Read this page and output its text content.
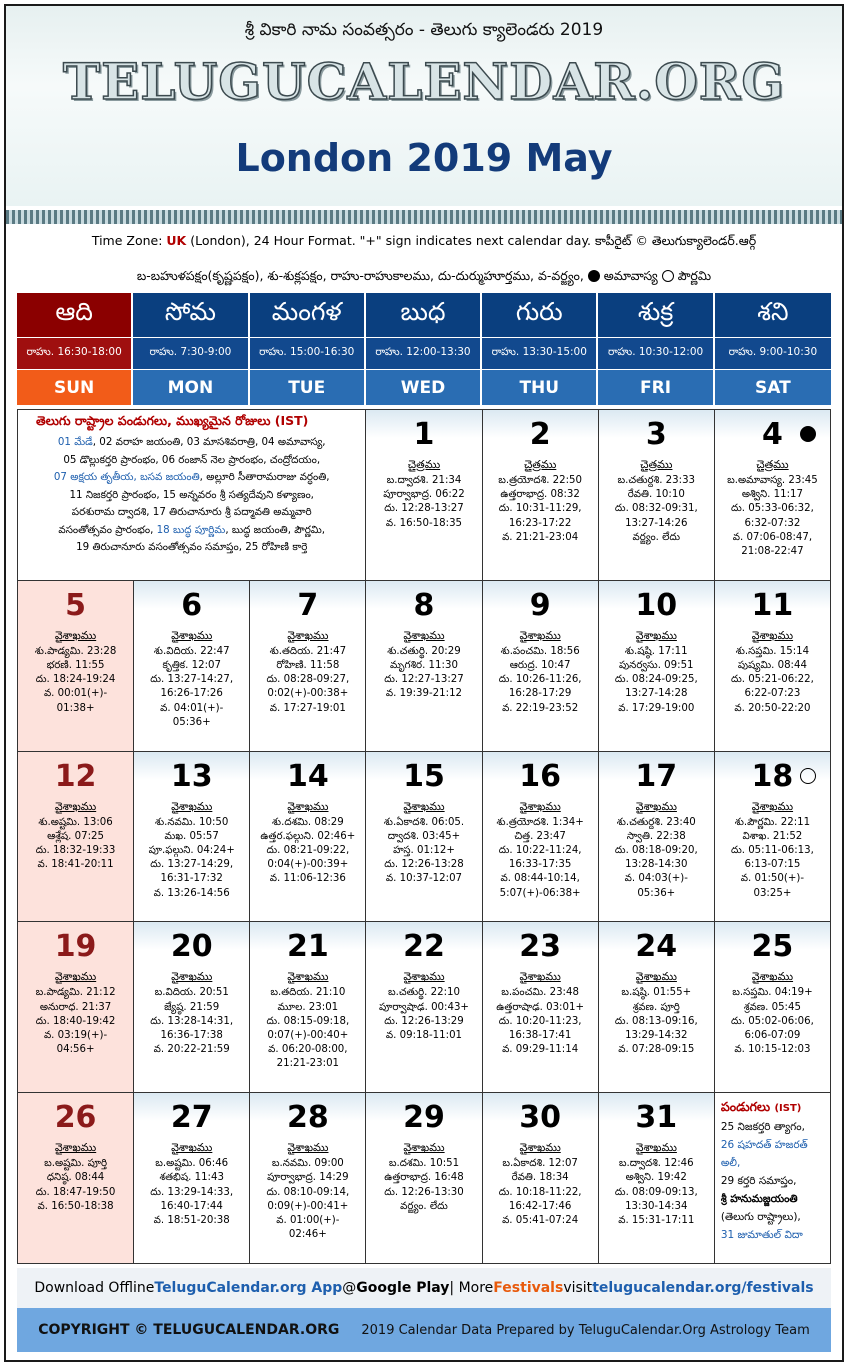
శ్రీ వికారి నామ సంవత్సరం - తెలుగు క్యాలెండరు 2019
TELUGUCALENDAR.ORG
London 2019 May
Time Zone: UK (London), 24 Hour Format. "+" sign indicates next calendar day. కాపీరైట్ © తెలుగుక్యాలెండర్.ఆర్గ్
బ-బహుళపక్షం(కృష్ణపక్షం), శు-శుక్లపక్షం, రాహు-రాహుకాలము, దు-దుర్ముహూర్తము, వ-వర్జ్యం, అమావాస్య పౌర్ణమి
ఆది
రాహు. 16:30-18:00
SUN
సోమ
రాహు. 7:30-9:00
MON
మంగళ
రాహు. 15:00-16:30
TUE
బుధ
రాహు. 12:00-13:30
WED
గురు
రాహు. 13:30-15:00
THU
శుక్ర
రాహు. 10:30-12:00
FRI
శని
రాహు. 9:00-10:30
SAT
తెలుగు రాష్ట్రాల పండుగలు, ముఖ్యమైన రోజులు (IST)
01 మేడే, 02 వరాహ జయంతి, 03 మాసశివరాత్రి, 04 అమావాస్య,
05 డొల్లుకర్తరి ప్రారంభం, 06 రంజాన్ నెల ప్రారంభం, చంద్రోదయం,
07 అక్షయ తృతీయ, బసవ జయంతి, అల్లూరి సీతారామరాజు వర్ధంతి,
11 నిజకర్తరి ప్రారంభం, 15 అన్నవరం శ్రీ సత్యదేవుని కళ్యాణం,
పరశురామ ద్వాదశి, 17 తిరుచానూరు శ్రీ పద్మావతి అమ్మవారి
వసంతోత్సవం ప్రారంభం, 18 బుద్ధ పూర్ణిమ, బుద్ధ జయంతి, పౌర్ణమి,
19 తిరుచానూరు వసంతోత్సవం సమాప్తం, 25 రోహిణి కార్తె
1
చైత్రము
బ.ద్వాదశి. 21:34
పూర్వాభాద్ర. 06:22
దు. 12:28-13:27
వ. 16:50-18:35
2
చైత్రము
బ.త్రయోదశి. 22:50
ఉత్తరాభాద్ర. 08:32
దు. 10:31-11:29,
16:23-17:22
వ. 21:21-23:04
3
చైత్రము
బ.చతుర్దశి. 23:33
రేవతి. 10:10
దు. 08:32-09:31,
13:27-14:26
వర్జ్యం. లేదు
4
చైత్రము
బ.అమావాస్య. 23:45
అశ్విని. 11:17
దు. 05:33-06:32,
6:32-07:32
వ. 07:06-08:47,
21:08-22:47
5
వైశాఖము
శు.పాడ్యమి. 23:28
భరణి. 11:55
దు. 18:24-19:24
వ. 00:01(+)-
01:38+
6
వైశాఖము
శు.విదియ. 22:47
కృత్తిక. 12:07
దు. 13:27-14:27,
16:26-17:26
వ. 04:01(+)-
05:36+
7
వైశాఖము
శు.తదియ. 21:47
రోహిణి. 11:58
దు. 08:28-09:27,
0:02(+)-00:38+
వ. 17:27-19:01
8
వైశాఖము
శు.చతుర్థి. 20:29
మృగశిర. 11:30
దు. 12:27-13:27
వ. 19:39-21:12
9
వైశాఖము
శు.పంచమి. 18:56
ఆరుద్ర. 10:47
దు. 10:26-11:26,
16:28-17:29
వ. 22:19-23:52
10
వైశాఖము
శు.షష్ఠి. 17:11
పునర్వసు. 09:51
దు. 08:24-09:25,
13:27-14:28
వ. 17:29-19:00
11
వైశాఖము
శు.సప్తమి. 15:14
పుష్యమి. 08:44
దు. 05:21-06:22,
6:22-07:23
వ. 20:50-22:20
12
వైశాఖము
శు.అష్టమి. 13:06
ఆశ్లేష. 07:25
దు. 18:32-19:33
వ. 18:41-20:11
13
వైశాఖము
శు.నవమి. 10:50
మఖ. 05:57
పూ.ఫల్గుని. 04:24+
దు. 13:27-14:29,
16:31-17:32
వ. 13:26-14:56
14
వైశాఖము
శు.దశమి. 08:29
ఉత్తర.ఫల్గుని. 02:46+
దు. 08:21-09:22,
0:04(+)-00:39+
వ. 11:06-12:36
15
వైశాఖము
శు.ఏకాదశి. 06:05.
ద్వాదశి. 03:45+
హస్త. 01:12+
దు. 12:26-13:28
వ. 10:37-12:07
16
వైశాఖము
శు.త్రయోదశి. 1:34+
చిత్త. 23:47
దు. 10:22-11:24,
16:33-17:35
వ. 08:44-10:14,
5:07(+)-06:38+
17
వైశాఖము
శు.చతుర్దశి. 23:40
స్వాతి. 22:38
దు. 08:18-09:20,
13:28-14:30
వ. 04:03(+)-
05:36+
18
వైశాఖము
శు.పౌర్ణమి. 22:11
విశాఖ. 21:52
దు. 05:11-06:13,
6:13-07:15
వ. 01:50(+)-
03:25+
19
వైశాఖము
బ.పాడ్యమి. 21:12
అనురాధ. 21:37
దు. 18:40-19:42
వ. 03:19(+)-
04:56+
20
వైశాఖము
బ.విదియ. 20:51
జ్యేష్ఠ. 21:59
దు. 13:28-14:31,
16:36-17:38
వ. 20:22-21:59
21
వైశాఖము
బ.తదియ. 21:10
మూల. 23:01
దు. 08:15-09:18,
0:07(+)-00:40+
వ. 06:20-08:00,
21:21-23:01
22
వైశాఖము
బ.చతుర్థి. 22:10
పూర్వాషాఢ. 00:43+
దు. 12:26-13:29
వ. 09:18-11:01
23
వైశాఖము
బ.పంచమి. 23:48
ఉత్తరాషాఢ. 03:01+
దు. 10:20-11:23,
16:38-17:41
వ. 09:29-11:14
24
వైశాఖము
బ.షష్ఠి. 01:55+
శ్రవణ. పూర్తి
దు. 08:13-09:16,
13:29-14:32
వ. 07:28-09:15
25
వైశాఖము
బ.సప్తమి. 04:19+
శ్రవణ. 05:45
దు. 05:02-06:06,
6:06-07:09
వ. 10:15-12:03
26
వైశాఖము
బ.అష్టమి. పూర్తి
ధనిష్ఠ. 08:44
దు. 18:47-19:50
వ. 16:50-18:38
27
వైశాఖము
బ.అష్టమి. 06:46
శతభిష. 11:43
దు. 13:29-14:33,
16:40-17:44
వ. 18:51-20:38
28
వైశాఖము
బ.నవమి. 09:00
పూర్వాభాద్ర. 14:29
దు. 08:10-09:14,
0:09(+)-00:41+
వ. 01:00(+)-
02:46+
29
వైశాఖము
బ.దశమి. 10:51
ఉత్తరాభాద్ర. 16:48
దు. 12:26-13:30
వర్జ్యం. లేదు
30
వైశాఖము
బ.ఏకాదశి. 12:07
రేవతి. 18:34
దు. 10:18-11:22,
16:42-17:46
వ. 05:41-07:24
31
వైశాఖము
బ.ద్వాదశి. 12:46
అశ్విని. 19:42
దు. 08:09-09:13,
13:30-14:34
వ. 15:31-17:11
పండుగలు (IST)
25 నిజకర్తరి త్యాగం,
26 షహదత్ హజరత్ అలీ,
29 కర్తరి సమాప్తం,
శ్రీ హనుమజ్జయంతి
(తెలుగు రాష్ట్రాలు),
31 జుమాతుల్ విదా
Download Offline TeluguCalendar.org App @ Google Play | More Festivals visit telugucalendar.org/festivals
COPYRIGHT © TELUGUCALENDAR.ORG 2019 Calendar Data Prepared by TeluguCalendar.Org Astrology Team
